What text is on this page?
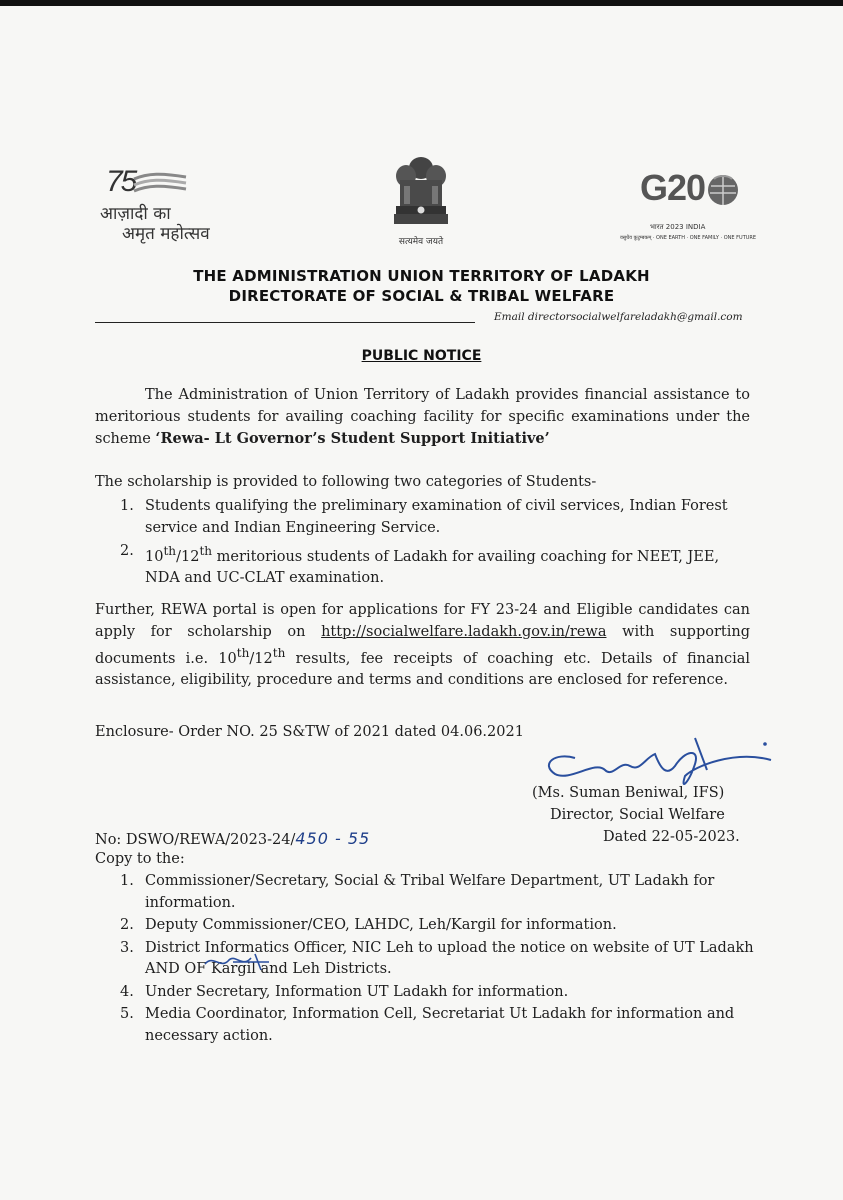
75
आज़ादी का
अमृत महोत्सव	सत्यमेव जयते
G20
भारत 2023 INDIA
वसुधैव कुटुम्बकम् · ONE EARTH · ONE FAMILY · ONE FUTURE
THE ADMINISTRATION UNION TERRITORY OF LADAKH
DIRECTORATE OF SOCIAL & TRIBAL WELFARE
Email directorsocialwelfareladakh@gmail.com
PUBLIC NOTICE
The Administration of Union Territory of Ladakh provides financial assistance to meritorious students for availing coaching facility for specific examinations under the scheme ‘Rewa- Lt Governor’s Student Support Initiative’
The scholarship is provided to following two categories of Students-
1. Students qualifying the preliminary examination of civil services, Indian Forest service and Indian Engineering Service.
2. 10th/12th meritorious students of Ladakh for availing coaching for NEET, JEE, NDA and UC-CLAT examination.
Further, REWA portal is open for applications for FY 23-24 and Eligible candidates can apply for scholarship on http://socialwelfare.ladakh.gov.in/rewa with supporting documents i.e. 10th/12th results, fee receipts of coaching etc. Details of financial assistance, eligibility, procedure and terms and conditions are enclosed for reference.
Enclosure- Order NO. 25 S&TW of 2021 dated 04.06.2021
(Ms. Suman Beniwal, IFS)
Director, Social Welfare
Dated 22-05-2023.
No: DSWO/REWA/2023-24/450 - 55
Copy to the:
1. Commissioner/Secretary, Social & Tribal Welfare Department, UT Ladakh for information.
2. Deputy Commissioner/CEO, LAHDC, Leh/Kargil for information.
3. District Informatics Officer, NIC Leh to upload the notice on website of UT Ladakh AND OF Kargil and Leh Districts.
4. Under Secretary, Information UT Ladakh for information.
5. Media Coordinator, Information Cell, Secretariat Ut Ladakh for information and necessary action.
